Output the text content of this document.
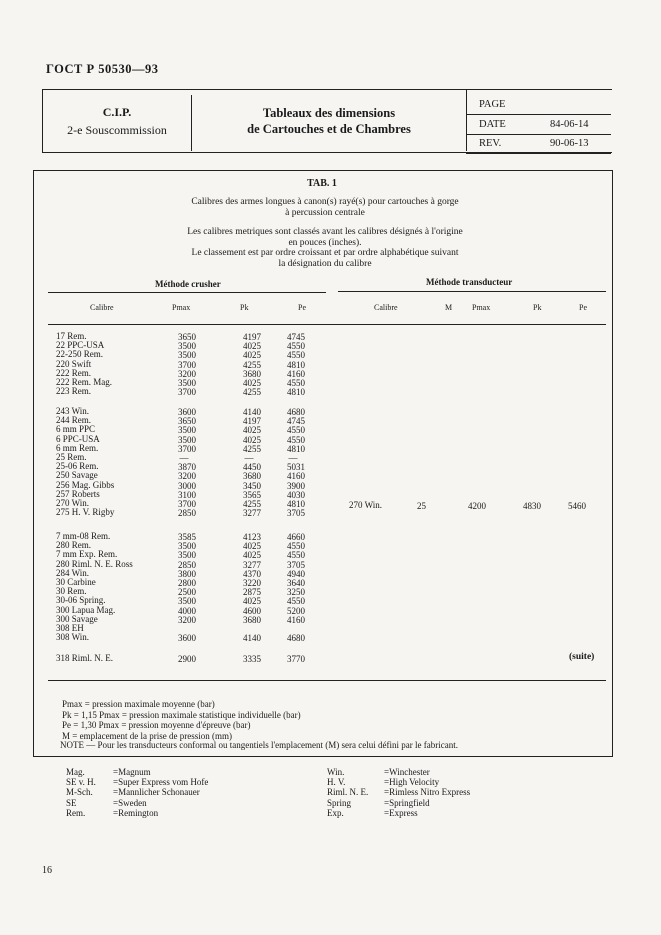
ГОСТ Р 50530—93
C.I.P.
2-e Souscommission
Tableaux des dimensions
de Cartouches et de Chambres
PAGE
DATE	84-06-14
REV.	90-06-13
TAB. 1
Calibres des armes longues à canon(s) rayé(s) pour cartouches à gorge
à percussion centrale
Les calibres metriques sont classés avant les calibres désignés à l'origine
en pouces (inches).
Le classement est par ordre croissant et par ordre alphabétique suivant
la désignation du calibre
Méthode crusher	Méthode transducteur
Calibre	Pmax	Pk	Pe	Calibre	M Pmax	Pk	Pe
17 Rem.	3650	4197	4745
22 PPC-USA	3500	4025	4550
22-250 Rem.	3500	4025	4550
220 Swift	3700	4255	4810
222 Rem.	3200	3680	4160
222 Rem. Mag.	3500	4025	4550
223 Rem.	3700	4255	4810
243 Win.	3600	4140	4680
244 Rem.	3650	4197	4745
6 mm PPC	3500	4025	4550
6 PPC-USA	3500	4025	4550
6 mm Rem.	3700	4255	4810
25 Rem.	—	—	—
25-06 Rem.	3870	4450	5031
250 Savage	3200	3680	4160
256 Mag. Gibbs	3000	3450	3900
257 Roberts	3100	3565	4030
270 Win.	3700	4255	4810
275 H. V. Rigby	2850	3277	3705
7 mm-08 Rem.	3585	4123	4660
280 Rem.	3500	4025	4550
7 mm Exp. Rem.	3500	4025	4550
280 Riml. N. E. Ross	2850	3277	3705
284 Win.	3800	4370	4940
30 Carbine	2800	3220	3640
30 Rem.	2500	2875	3250
30-06 Spring.	3500	4025	4550
300 Lapua Mag.	4000	4600	5200
300 Savage	3200	3680	4160
308 EH
308 Win.	3600	4140	4680
318 Riml. N. E.	2900	3335	3770
270 Win.	25	4200	4830	5460
(suite)
Pmax = pression maximale moyenne (bar)
Pk = 1,15 Pmax = pression maximale statistique individuelle (bar)
Pe = 1,30 Pmax = pression moyenne d'épreuve (bar)
M = emplacement de la prise de pression (mm)
NOTE — Pour les transducteurs conformal ou tangentiels l'emplacement (M) sera celui défini par le fabricant.
Mag.	=Magnum
SE v. H. =Super Express vom Hofe
M-Sch. =Mannlicher Schonauer
SE	=Sweden
Rem.	=Remington
Win.	=Winchester
H. V.	=High Velocity
Riml. N. E. =Rimless Nitro Express
Spring	=Springfield
Exp.	=Express
16
